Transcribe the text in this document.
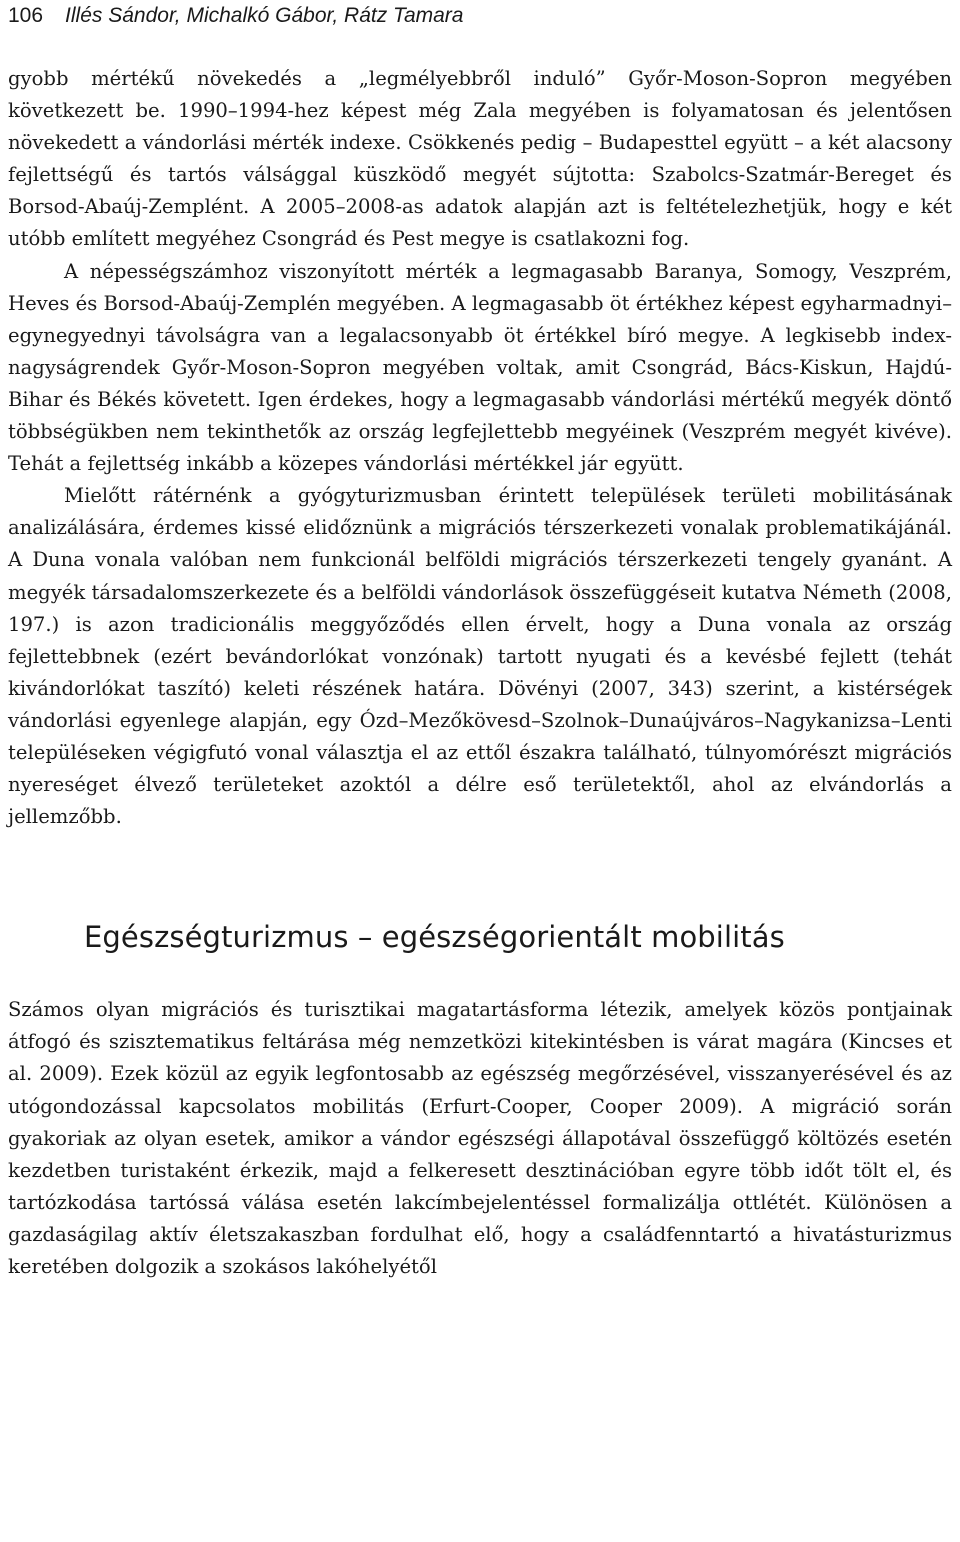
106 Illés Sándor, Michalkó Gábor, Rátz Tamara

gyobb mértékű növekedés a „legmélyebbről induló” Győr-Moson-Sopron megyében következett be. 1990–1994-hez képest még Zala megyében is folyamatosan és jelentősen növekedett a vándorlási mérték indexe. Csökkenés pedig – Budapesttel együtt – a két alacsony fejlettségű és tartós válsággal küszködő megyét sújtotta: Szabolcs-Szatmár-Bereget és Borsod-Abaúj-Zemplént. A 2005–2008-as adatok alapján azt is feltételezhetjük, hogy e két utóbb említett megyéhez Csongrád és Pest megye is csatlakozni fog.

A népességszámhoz viszonyított mérték a legmagasabb Baranya, Somogy, Veszprém, Heves és Borsod-Abaúj-Zemplén megyében. A legmagasabb öt értékhez képest egyharmadnyi–egynegyednyi távolságra van a legalacsonyabb öt értékkel bíró megye. A legkisebb index-nagyságrendek Győr-Moson-Sopron megyében voltak, amit Csongrád, Bács-Kiskun, Hajdú-Bihar és Békés követett. Igen érdekes, hogy a legmagasabb vándorlási mértékű megyék döntő többségükben nem tekinthetők az ország legfejlettebb megyéinek (Veszprém megyét kivéve). Tehát a fejlettség inkább a közepes vándorlási mértékkel jár együtt.

Mielőtt rátérnénk a gyógyturizmusban érintett települések területi mobilitásának analizálására, érdemes kissé elidőznünk a migrációs térszerkezeti vonalak problematikájánál. A Duna vonala valóban nem funkcionál belföldi migrációs térszerkezeti tengely gyanánt. A megyék társadalomszerkezete és a belföldi vándorlások összefüggéseit kutatva Németh (2008, 197.) is azon tradicionális meggyőződés ellen érvelt, hogy a Duna vonala az ország fejlettebbnek (ezért bevándorlókat vonzónak) tartott nyugati és a kevésbé fejlett (tehát kivándorlókat taszító) keleti részének határa. Dövényi (2007, 343) szerint, a kistérségek vándorlási egyenlege alapján, egy Ózd–Mezőkövesd–Szolnok–Dunaújváros–Nagykanizsa–Lenti településeken végigfutó vonal választja el az ettől északra található, túlnyomórészt migrációs nyereséget élvező területeket azoktól a délre eső területektől, ahol az elvándorlás a jellemzőbb.

Egészségturizmus – egészségorientált mobilitás

Számos olyan migrációs és turisztikai magatartásforma létezik, amelyek közös pontjainak átfogó és szisztematikus feltárása még nemzetközi kitekintésben is várat magára (Kincses et al. 2009). Ezek közül az egyik legfontosabb az egészség megőrzésével, visszanyerésével és az utógondozással kapcsolatos mobilitás (Erfurt-Cooper, Cooper 2009). A migráció során gyakoriak az olyan esetek, amikor a vándor egészségi állapotával összefüggő költözés esetén kezdetben turistaként érkezik, majd a felkeresett desztinációban egyre több időt tölt el, és tartózkodása tartóssá válása esetén lakcímbejelentéssel formalizálja ottlétét. Különösen a gazdaságilag aktív életszakaszban fordulhat elő, hogy a családfenntartó a hivatásturizmus keretében dolgozik a szokásos lakóhelyétől
